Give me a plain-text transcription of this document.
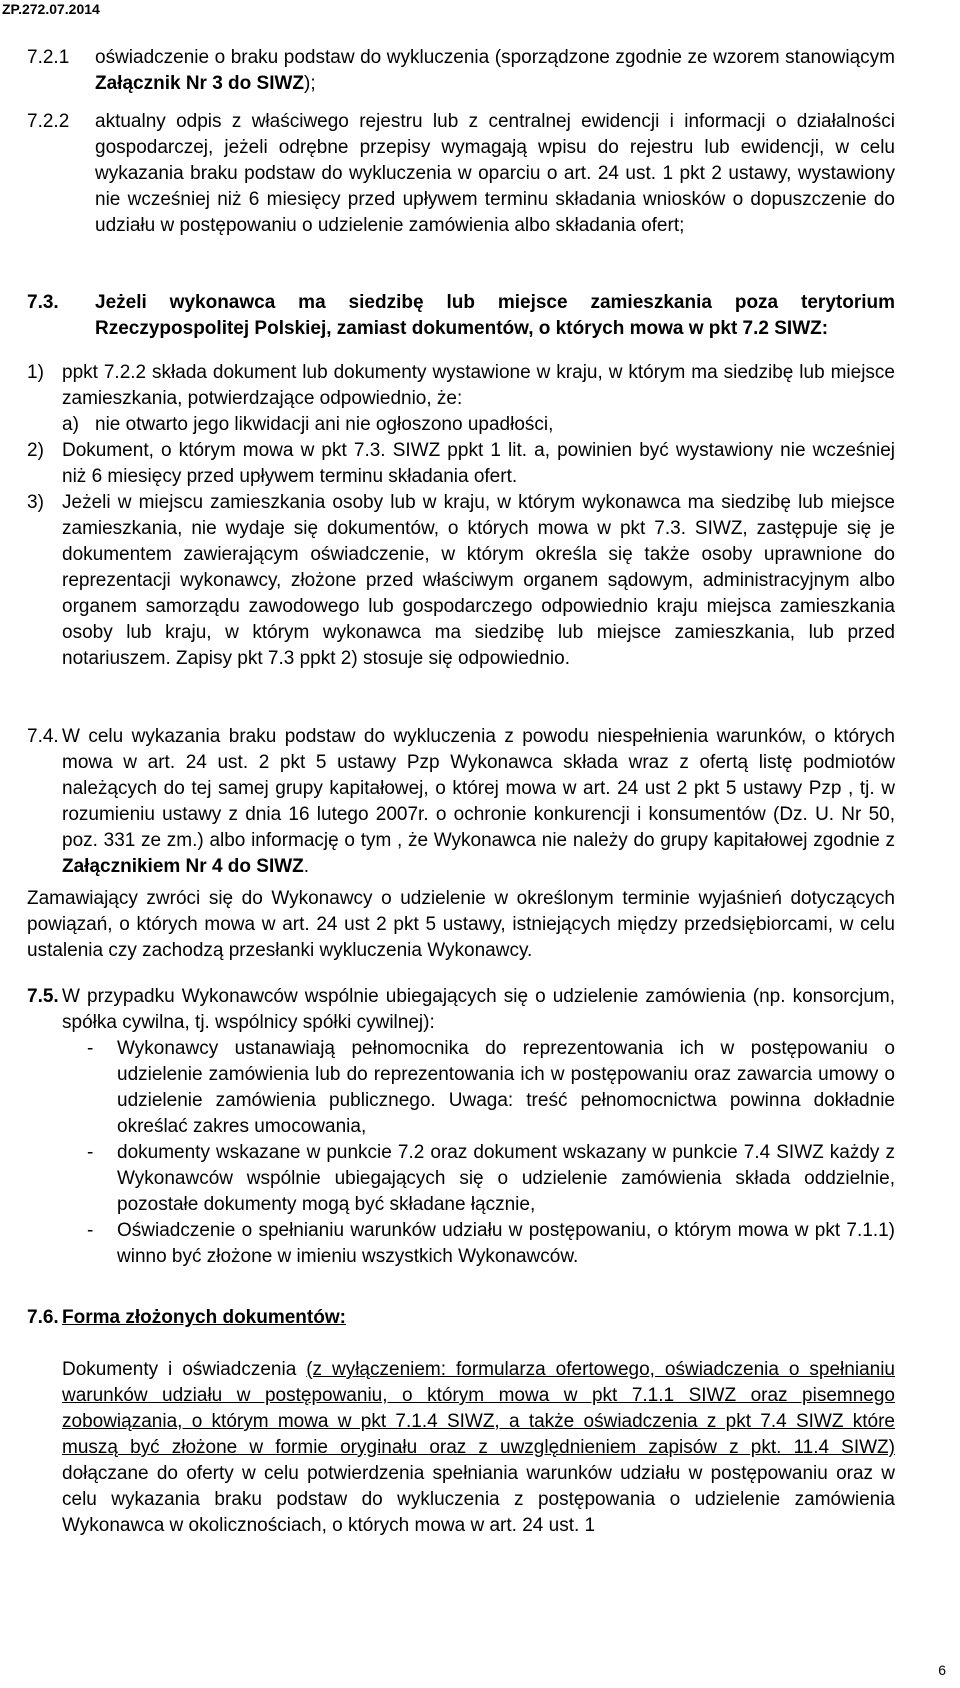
ZP.272.07.2014
7.2.1 oświadczenie o braku podstaw do wykluczenia (sporządzone zgodnie ze wzorem stanowiącym Załącznik Nr 3 do SIWZ);
7.2.2 aktualny odpis z właściwego rejestru lub z centralnej ewidencji i informacji o działalności gospodarczej, jeżeli odrębne przepisy wymagają wpisu do rejestru lub ewidencji, w celu wykazania braku podstaw do wykluczenia w oparciu o art. 24 ust. 1 pkt 2 ustawy, wystawiony nie wcześniej niż 6 miesięcy przed upływem terminu składania wniosków o dopuszczenie do udziału w postępowaniu o udzielenie zamówienia albo składania ofert;
7.3. Jeżeli wykonawca ma siedzibę lub miejsce zamieszkania poza terytorium Rzeczypospolitej Polskiej, zamiast dokumentów, o których mowa w pkt 7.2 SIWZ:
1) ppkt 7.2.2 składa dokument lub dokumenty wystawione w kraju, w którym ma siedzibę lub miejsce zamieszkania, potwierdzające odpowiednio, że:
a) nie otwarto jego likwidacji ani nie ogłoszono upadłości,
2) Dokument, o którym mowa w pkt 7.3. SIWZ ppkt 1 lit. a, powinien być wystawiony nie wcześniej niż 6 miesięcy przed upływem terminu składania ofert.
3) Jeżeli w miejscu zamieszkania osoby lub w kraju, w którym wykonawca ma siedzibę lub miejsce zamieszkania, nie wydaje się dokumentów, o których mowa w pkt 7.3. SIWZ, zastępuje się je dokumentem zawierającym oświadczenie, w którym określa się także osoby uprawnione do reprezentacji wykonawcy, złożone przed właściwym organem sądowym, administracyjnym albo organem samorządu zawodowego lub gospodarczego odpowiednio kraju miejsca zamieszkania osoby lub kraju, w którym wykonawca ma siedzibę lub miejsce zamieszkania, lub przed notariuszem. Zapisy pkt 7.3 ppkt 2) stosuje się odpowiednio.
7.4. W celu wykazania braku podstaw do wykluczenia z powodu niespełnienia warunków, o których mowa w art. 24 ust. 2 pkt 5 ustawy Pzp Wykonawca składa wraz z ofertą listę podmiotów należących do tej samej grupy kapitałowej, o której mowa w art. 24 ust 2 pkt 5 ustawy Pzp , tj. w rozumieniu ustawy z dnia 16 lutego 2007r. o ochronie konkurencji i konsumentów (Dz. U. Nr 50, poz. 331 ze zm.) albo informację o tym , że Wykonawca nie należy do grupy kapitałowej zgodnie z Załącznikiem Nr 4 do SIWZ.
Zamawiający zwróci się do Wykonawcy o udzielenie w określonym terminie wyjaśnień dotyczących powiązań, o których mowa w art. 24 ust 2 pkt 5 ustawy, istniejących między przedsiębiorcami, w celu ustalenia czy zachodzą przesłanki wykluczenia Wykonawcy.
7.5. W przypadku Wykonawców wspólnie ubiegających się o udzielenie zamówienia (np. konsorcjum, spółka cywilna, tj. wspólnicy spółki cywilnej):
- Wykonawcy ustanawiają pełnomocnika do reprezentowania ich w postępowaniu o udzielenie zamówienia lub do reprezentowania ich w postępowaniu oraz zawarcia umowy o udzielenie zamówienia publicznego. Uwaga: treść pełnomocnictwa powinna dokładnie określać zakres umocowania,
- dokumenty wskazane w punkcie 7.2 oraz dokument wskazany w punkcie 7.4 SIWZ każdy z Wykonawców wspólnie ubiegających się o udzielenie zamówienia składa oddzielnie, pozostałe dokumenty mogą być składane łącznie,
- Oświadczenie o spełnianiu warunków udziału w postępowaniu, o którym mowa w pkt 7.1.1) winno być złożone w imieniu wszystkich Wykonawców.
7.6. Forma złożonych dokumentów:
Dokumenty i oświadczenia (z wyłączeniem: formularza ofertowego, oświadczenia o spełnianiu warunków udziału w postępowaniu, o którym mowa w pkt 7.1.1 SIWZ oraz pisemnego zobowiązania, o którym mowa w pkt 7.1.4 SIWZ, a także oświadczenia z pkt 7.4 SIWZ które muszą być złożone w formie oryginału oraz z uwzględnieniem zapisów z pkt. 11.4 SIWZ) dołączane do oferty w celu potwierdzenia spełniania warunków udziału w postępowaniu oraz w celu wykazania braku podstaw do wykluczenia z postępowania o udzielenie zamówienia Wykonawca w okolicznościach, o których mowa w art. 24 ust. 1
6
